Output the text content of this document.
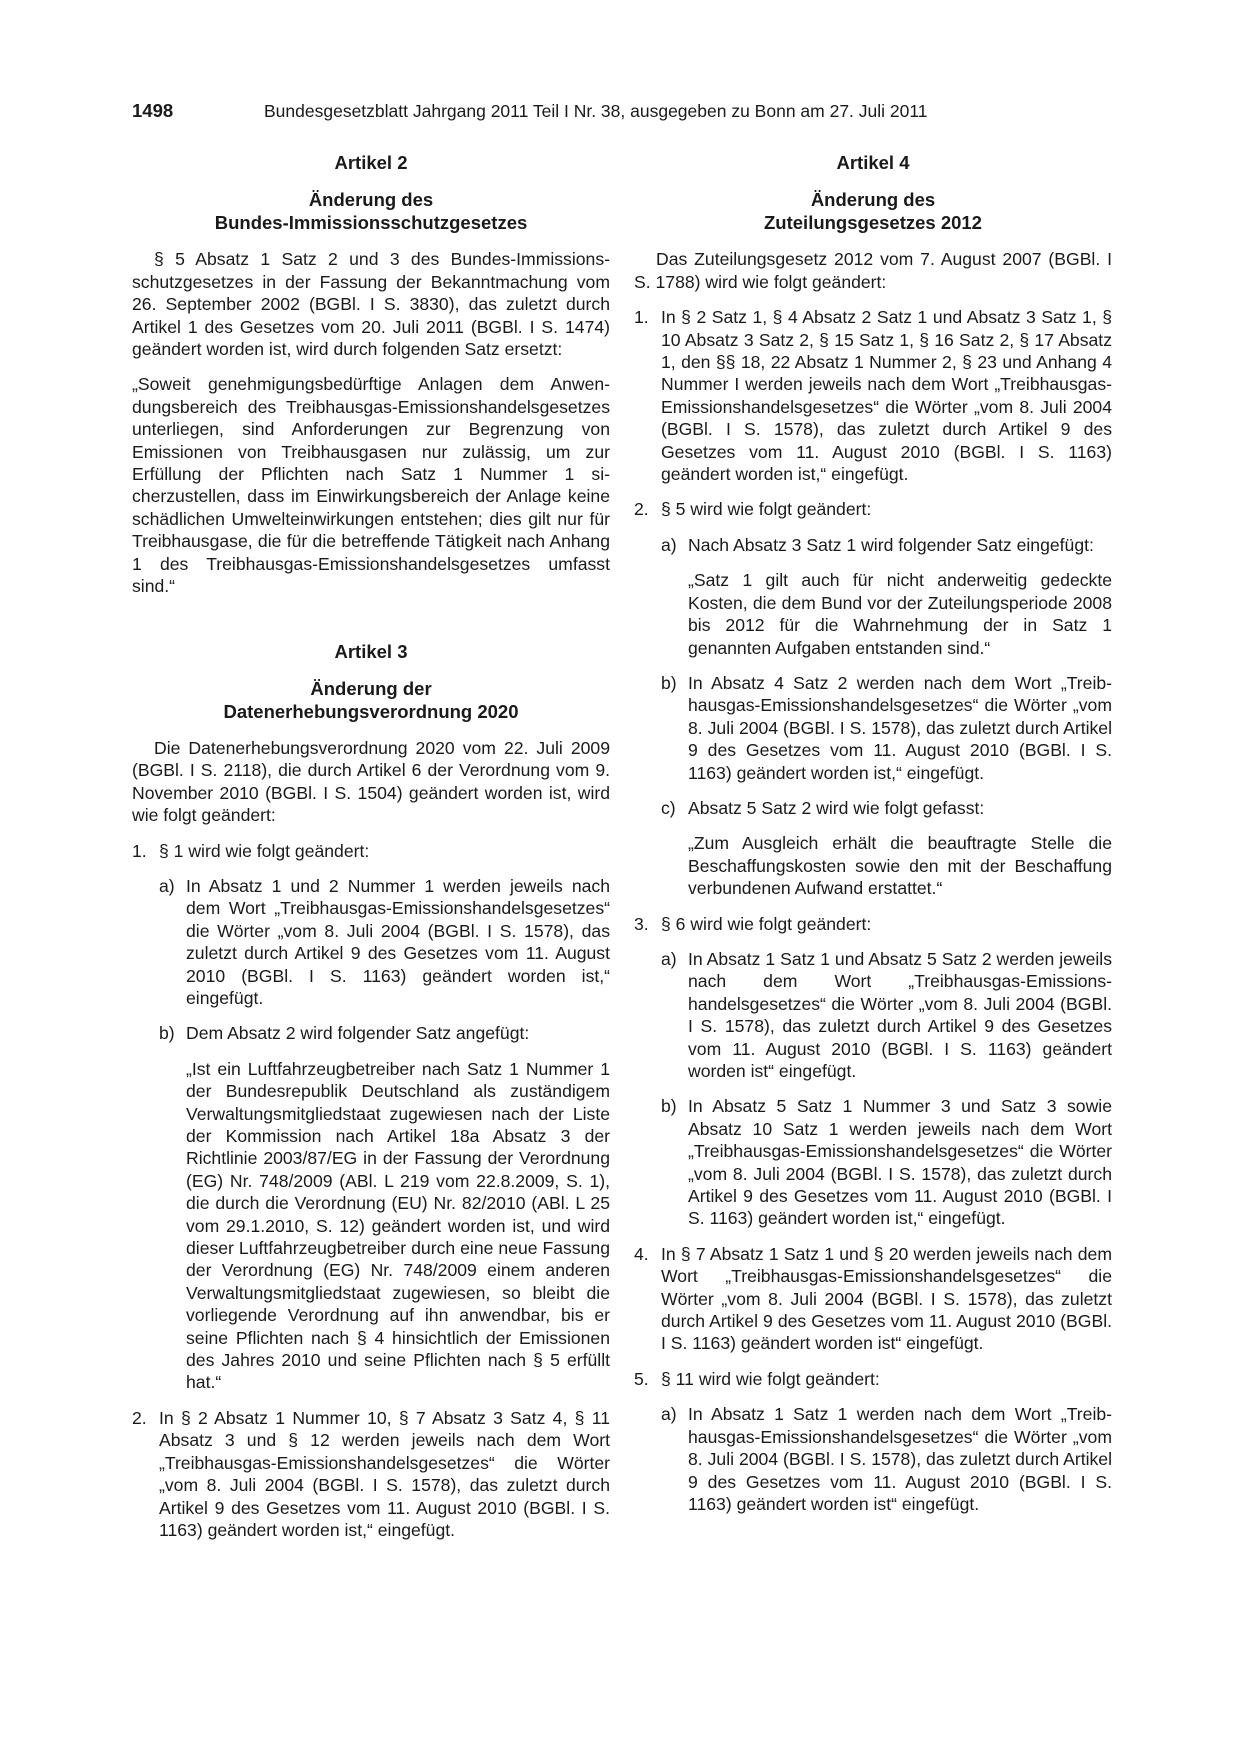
1498	Bundesgesetzblatt Jahrgang 2011 Teil I Nr. 38, ausgegeben zu Bonn am 27. Juli 2011
Artikel 2
Änderung des
Bundes-Immissionsschutzgesetzes

§ 5 Absatz 1 Satz 2 und 3 des Bundes-Immissionsschutzgesetzes in der Fassung der Bekanntmachung vom 26. September 2002 (BGBl. I S. 3830), das zuletzt durch Artikel 1 des Gesetzes vom 20. Juli 2011 (BGBl. I S. 1474) geändert worden ist, wird durch folgenden Satz ersetzt:

„Soweit genehmigungsbedürftige Anlagen dem Anwendungsbereich des Treibhausgas-Emissionshandelsgesetzes unterliegen, sind Anforderungen zur Begrenzung von Emissionen von Treibhausgasen nur zulässig, um zur Erfüllung der Pflichten nach Satz 1 Nummer 1 sicherzustellen, dass im Einwirkungsbereich der Anlage keine schädlichen Umwelteinwirkungen entstehen; dies gilt nur für Treibhausgase, die für die betreffende Tätigkeit nach Anhang 1 des Treibhausgas-Emissionshandelsgesetzes umfasst sind.“

Artikel 3
Änderung der
Datenerhebungsverordnung 2020

Die Datenerhebungsverordnung 2020 vom 22. Juli 2009 (BGBl. I S. 2118), die durch Artikel 6 der Verordnung vom 9. November 2010 (BGBl. I S. 1504) geändert worden ist, wird wie folgt geändert:

1. § 1 wird wie folgt geändert:
a) In Absatz 1 und 2 Nummer 1 werden jeweils nach dem Wort „Treibhausgas-Emissionshandelsgesetzes“ die Wörter „vom 8. Juli 2004 (BGBl. I S. 1578), das zuletzt durch Artikel 9 des Gesetzes vom 11. August 2010 (BGBl. I S. 1163) geändert worden ist,“ eingefügt.
b) Dem Absatz 2 wird folgender Satz angefügt:

„Ist ein Luftfahrzeugbetreiber nach Satz 1 Nummer 1 der Bundesrepublik Deutschland als zuständigem Verwaltungsmitgliedstaat zugewiesen nach der Liste der Kommission nach Artikel 18a Absatz 3 der Richtlinie 2003/87/EG in der Fassung der Verordnung (EG) Nr. 748/2009 (ABl. L 219 vom 22.8.2009, S. 1), die durch die Verordnung (EU) Nr. 82/2010 (ABl. L 25 vom 29.1.2010, S. 12) geändert worden ist, und wird dieser Luftfahrzeugbetreiber durch eine neue Fassung der Verordnung (EG) Nr. 748/2009 einem anderen Verwaltungsmitgliedstaat zugewiesen, so bleibt die vorliegende Verordnung auf ihn anwendbar, bis er seine Pflichten nach § 4 hinsichtlich der Emissionen des Jahres 2010 und seine Pflichten nach § 5 erfüllt hat.“

2. In § 2 Absatz 1 Nummer 10, § 7 Absatz 3 Satz 4, § 11 Absatz 3 und § 12 werden jeweils nach dem Wort „Treibhausgas-Emissionshandelsgesetzes“ die Wörter „vom 8. Juli 2004 (BGBl. I S. 1578), das zuletzt durch Artikel 9 des Gesetzes vom 11. August 2010 (BGBl. I S. 1163) geändert worden ist,“ eingefügt.
Artikel 4
Änderung des
Zuteilungsgesetzes 2012

Das Zuteilungsgesetz 2012 vom 7. August 2007 (BGBl. I S. 1788) wird wie folgt geändert:

1. In § 2 Satz 1, § 4 Absatz 2 Satz 1 und Absatz 3 Satz 1, § 10 Absatz 3 Satz 2, § 15 Satz 1, § 16 Satz 2, § 17 Absatz 1, den §§ 18, 22 Absatz 1 Nummer 2, § 23 und Anhang 4 Nummer I werden jeweils nach dem Wort „Treibhausgas-Emissionshandelsgesetzes“ die Wörter „vom 8. Juli 2004 (BGBl. I S. 1578), das zuletzt durch Artikel 9 des Gesetzes vom 11. August 2010 (BGBl. I S. 1163) geändert worden ist,“ eingefügt.
2. § 5 wird wie folgt geändert:
a) Nach Absatz 3 Satz 1 wird folgender Satz eingefügt:

„Satz 1 gilt auch für nicht anderweitig gedeckte Kosten, die dem Bund vor der Zuteilungsperiode 2008 bis 2012 für die Wahrnehmung der in Satz 1 genannten Aufgaben entstanden sind.“

b) In Absatz 4 Satz 2 werden nach dem Wort „Treibhausgas-Emissionshandelsgesetzes“ die Wörter „vom 8. Juli 2004 (BGBl. I S. 1578), das zuletzt durch Artikel 9 des Gesetzes vom 11. August 2010 (BGBl. I S. 1163) geändert worden ist,“ eingefügt.
c) Absatz 5 Satz 2 wird wie folgt gefasst:

„Zum Ausgleich erhält die beauftragte Stelle die Beschaffungskosten sowie den mit der Beschaffung verbundenen Aufwand erstattet.“

3. § 6 wird wie folgt geändert:
a) In Absatz 1 Satz 1 und Absatz 5 Satz 2 werden jeweils nach dem Wort „Treibhausgas-Emissionshandelsgesetzes“ die Wörter „vom 8. Juli 2004 (BGBl. I S. 1578), das zuletzt durch Artikel 9 des Gesetzes vom 11. August 2010 (BGBl. I S. 1163) geändert worden ist“ eingefügt.
b) In Absatz 5 Satz 1 Nummer 3 und Satz 3 sowie Absatz 10 Satz 1 werden jeweils nach dem Wort „Treibhausgas-Emissionshandelsgesetzes“ die Wörter „vom 8. Juli 2004 (BGBl. I S. 1578), das zuletzt durch Artikel 9 des Gesetzes vom 11. August 2010 (BGBl. I S. 1163) geändert worden ist,“ eingefügt.
4. In § 7 Absatz 1 Satz 1 und § 20 werden jeweils nach dem Wort „Treibhausgas-Emissionshandelsgesetzes“ die Wörter „vom 8. Juli 2004 (BGBl. I S. 1578), das zuletzt durch Artikel 9 des Gesetzes vom 11. August 2010 (BGBl. I S. 1163) geändert worden ist“ eingefügt.
5. § 11 wird wie folgt geändert:
a) In Absatz 1 Satz 1 werden nach dem Wort „Treibhausgas-Emissionshandelsgesetzes“ die Wörter „vom 8. Juli 2004 (BGBl. I S. 1578), das zuletzt durch Artikel 9 des Gesetzes vom 11. August 2010 (BGBl. I S. 1163) geändert worden ist“ eingefügt.
